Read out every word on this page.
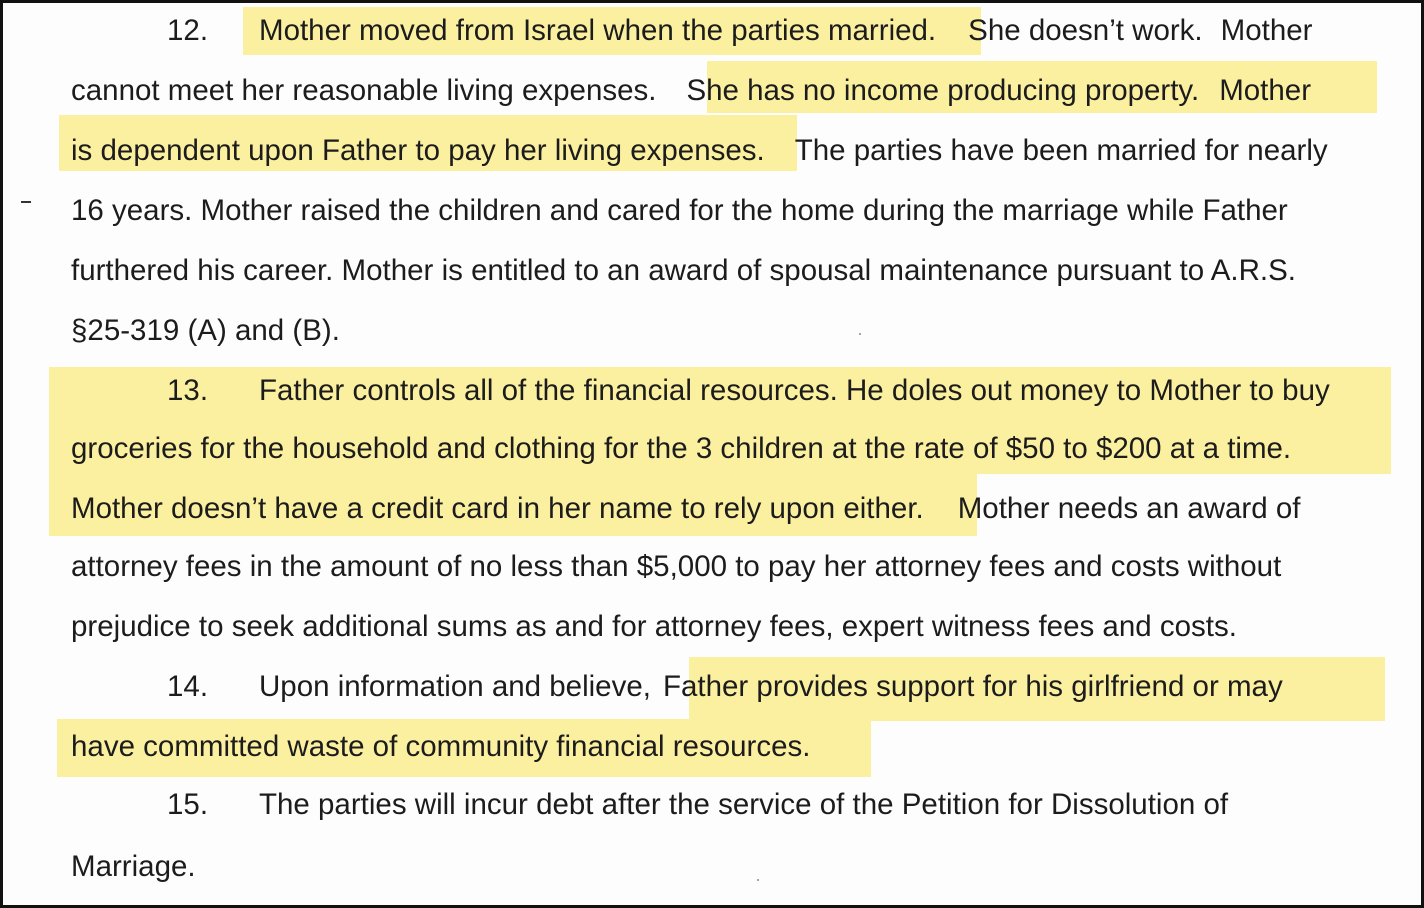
12. Mother moved from Israel when the parties married. She doesn’t work. Mother
cannot meet her reasonable living expenses. She has no income producing property. Mother
is dependent upon Father to pay her living expenses. The parties have been married for nearly
16 years. Mother raised the children and cared for the home during the marriage while Father
furthered his career. Mother is entitled to an award of spousal maintenance pursuant to A.R.S.
§25-319 (A) and (B).
13. Father controls all of the financial resources. He doles out money to Mother to buy
groceries for the household and clothing for the 3 children at the rate of $50 to $200 at a time.
Mother doesn’t have a credit card in her name to rely upon either. Mother needs an award of
attorney fees in the amount of no less than $5,000 to pay her attorney fees and costs without
prejudice to seek additional sums as and for attorney fees, expert witness fees and costs.
14. Upon information and believe, Father provides support for his girlfriend or may
have committed waste of community financial resources.
15. The parties will incur debt after the service of the Petition for Dissolution of
Marriage.
